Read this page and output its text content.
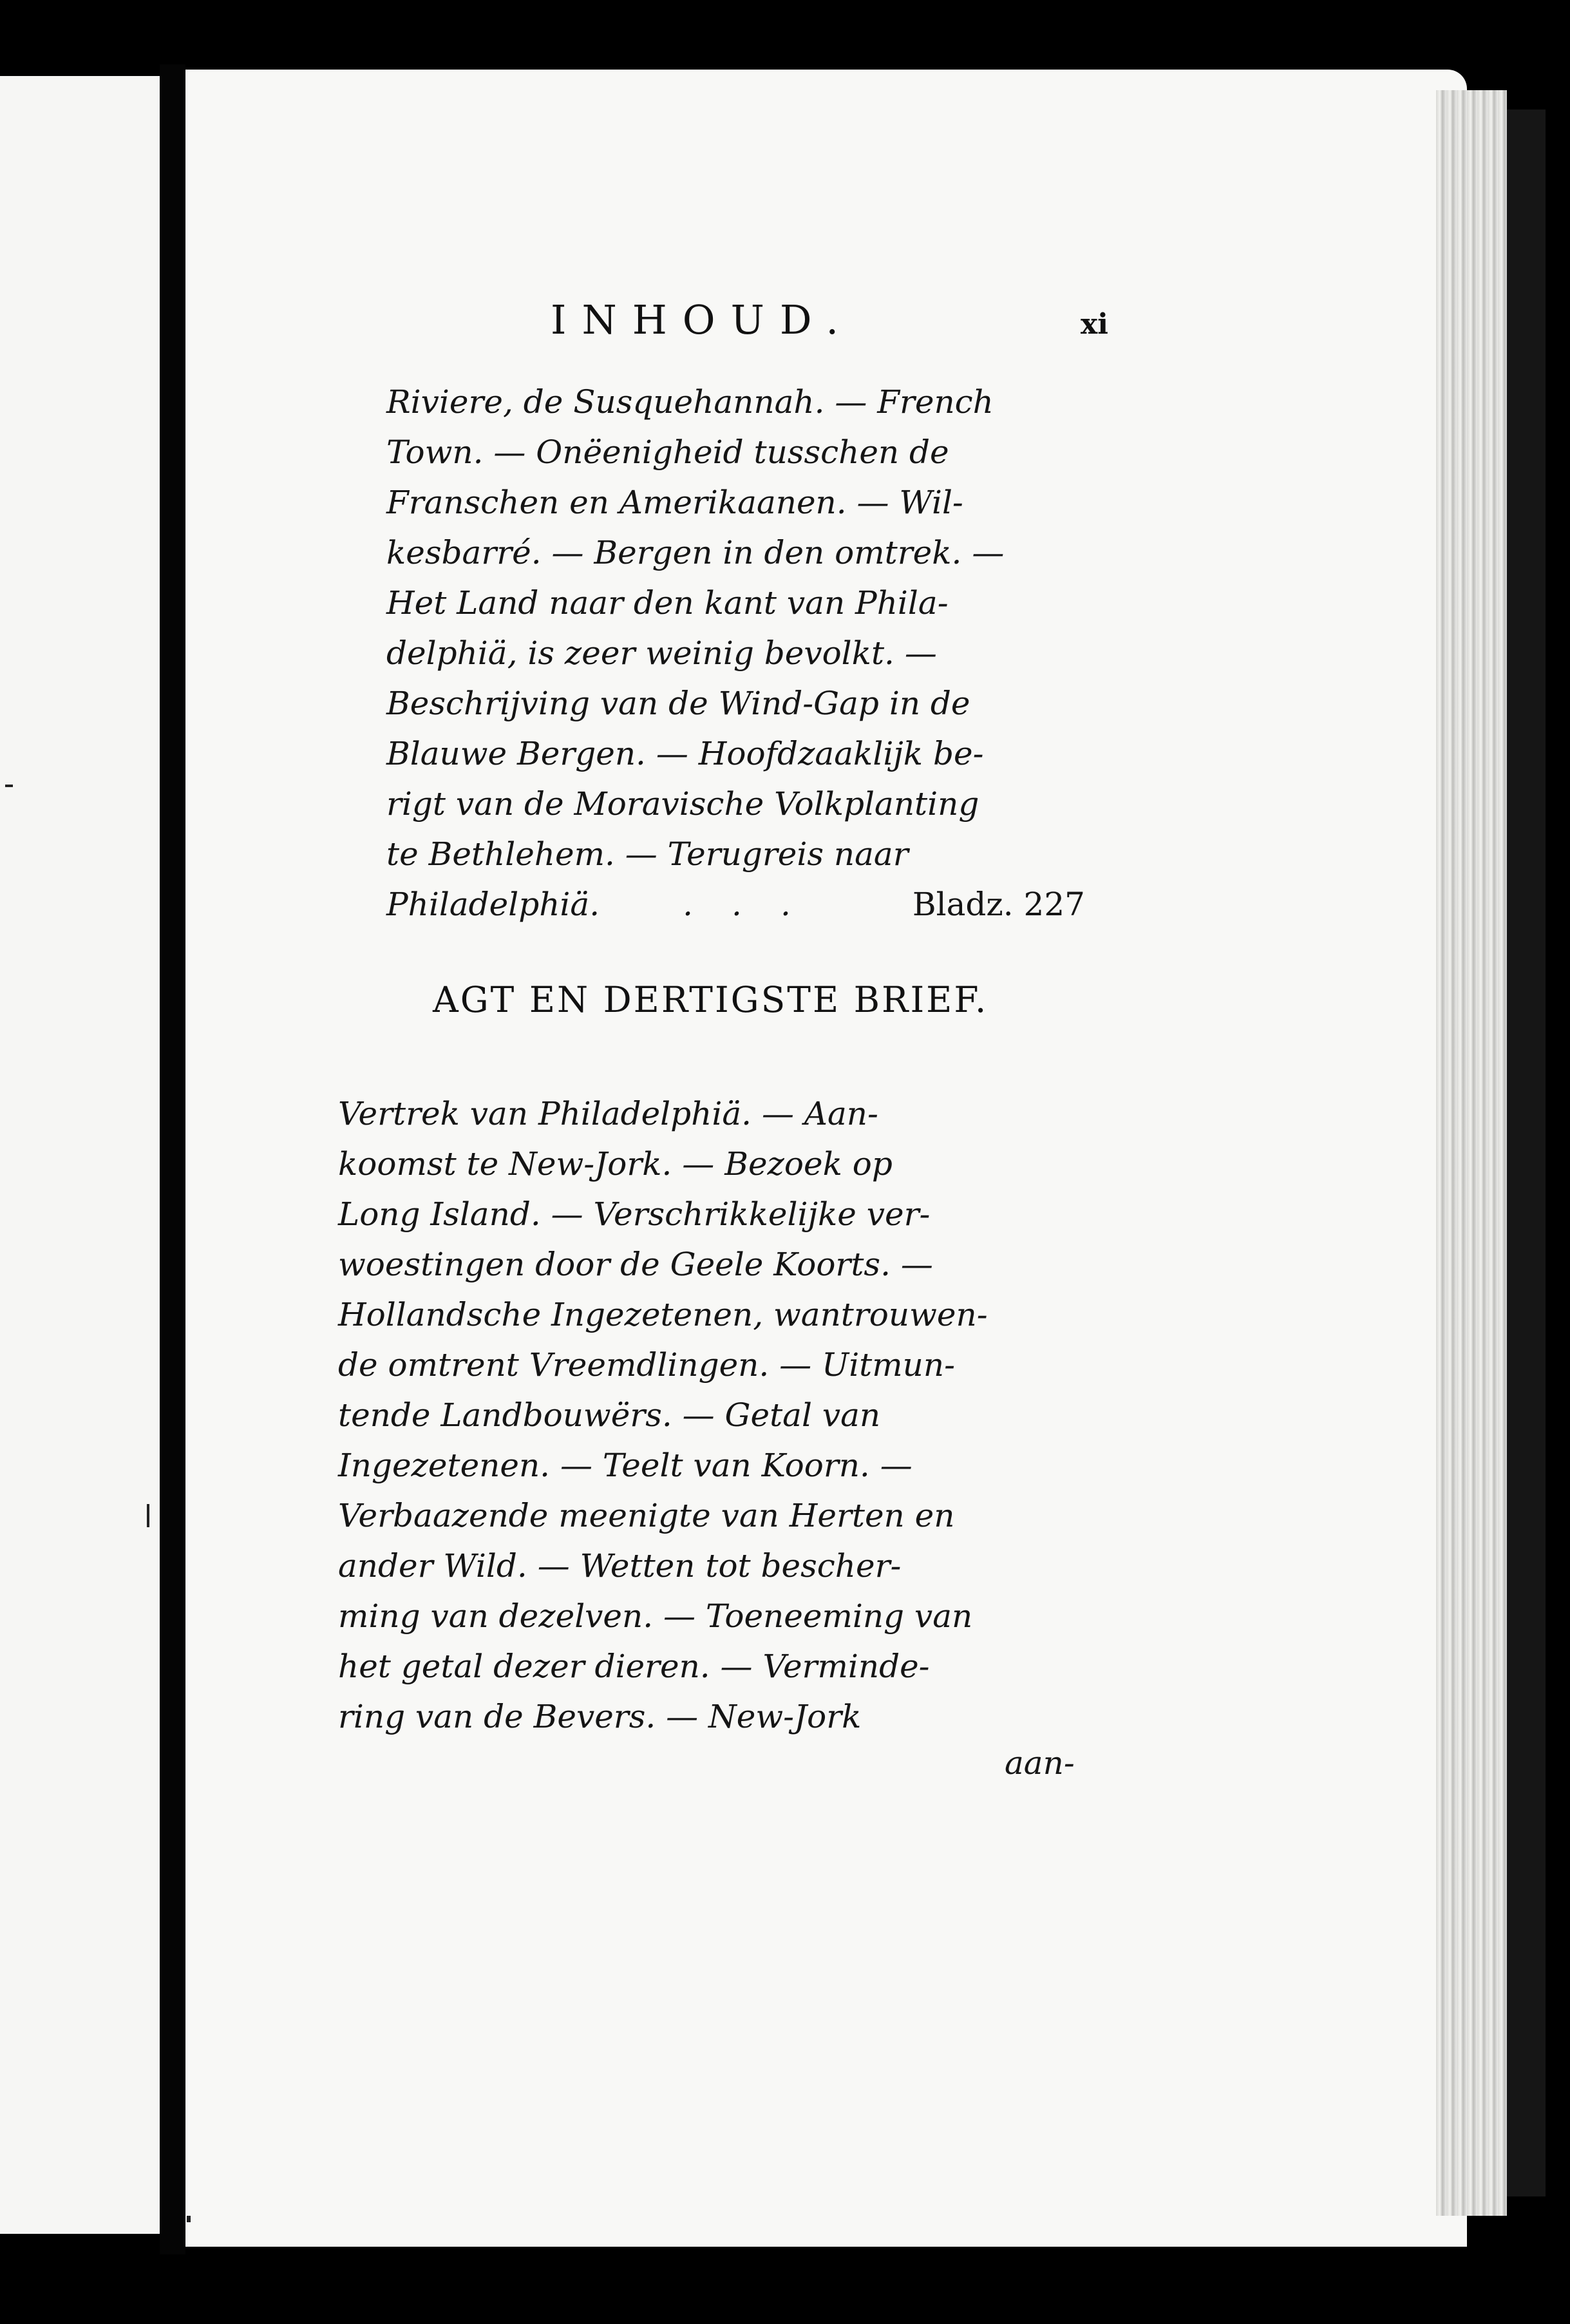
INHOUD.	xi
Riviere, de Susquehannah. — French
Town. — Onëenigheid tusschen de
Franschen en Amerikaanen. — Wil-
kesbarré. — Bergen in den omtrek. —
Het Land naar den kant van Phila-
delphiä, is zeer weinig bevolkt. —
Beschrijving van de Wind-Gap in de
Blauwe Bergen. — Hoofdzaaklijk be-
rigt van de Moravische Volkplanting
te Bethlehem. — Terugreis naar
Philadelphiä.	...	Bladz. 227
AGT EN DERTIGSTE BRIEF.
Vertrek van Philadelphiä. — Aan-
koomst te New-Jork. — Bezoek op
Long Island. — Verschrikkelijke ver-
woestingen door de Geele Koorts. —
Hollandsche Ingezetenen, wantrouwen-
de omtrent Vreemdlingen. — Uitmun-
tende Landbouwërs. — Getal van
Ingezetenen. — Teelt van Koorn. —
Verbaazende meenigte van Herten en
ander Wild. — Wetten tot bescher-
ming van dezelven. — Toeneeming van
het getal dezer dieren. — Verminde-
ring van de Bevers. — New-Jork
aan-
